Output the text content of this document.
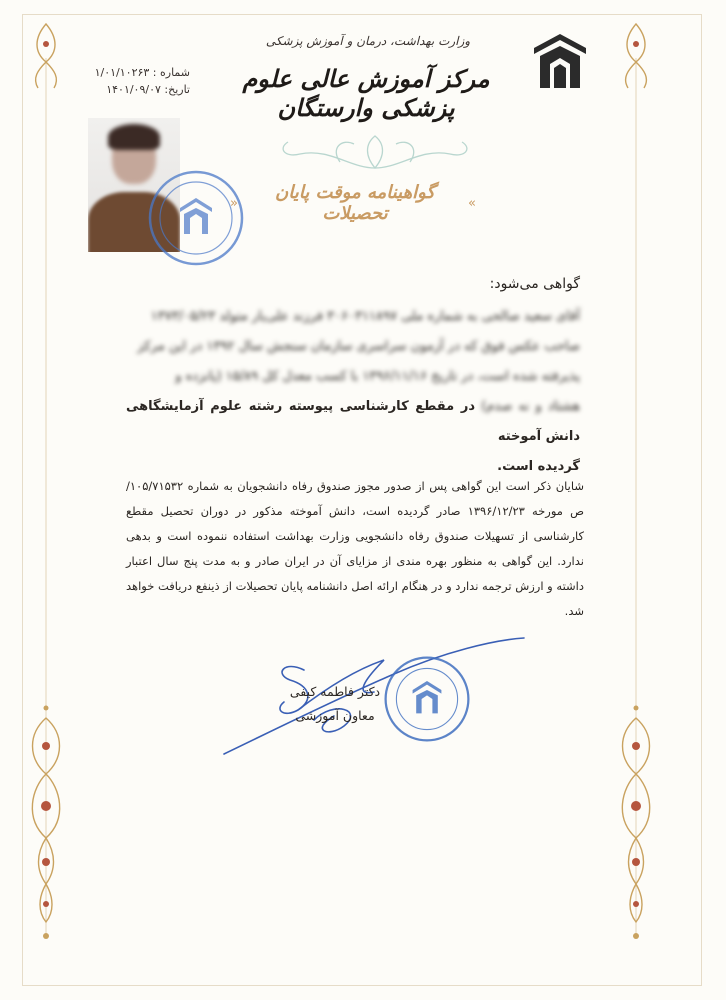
وزارت بهداشت، درمان و آموزش پزشکی
مرکز آموزش عالی علوم پزشکی وارستگان
شماره : ۱/۰۱/۱۰۲۶۳
تاریخ: ۱۴۰۱/۰۹/۰۷
«
گواهینامه موقت پایان تحصیلات
»
گواهی می‌شود:
آقای سعید صالحی به شماره ملی ۳۰۶۰۳۱۱۸۹۷ فرزند علی‌یار متولد ۱۳۷۳/۰۵/۲۳
صاحب عکس فوق که در آزمون سراسری سازمان سنجش سال ۱۳۹۲ در این مرکز
پذیرفته شده است، در تاریخ ۱۳۹۶/۱۱/۱۶ با کسب معدل کل ۱۵/۸۹ (پانزده و
هشتاد و نه صدم) در مقطع کارشناسی پیوسته رشته علوم آزمایشگاهی دانش آموخته
گردیده است.
شایان ذکر است این گواهی پس از صدور مجوز صندوق رفاه دانشجویان به شماره ۱۰۵/۷۱۵۳۲/ص مورخه ۱۳۹۶/۱۲/۲۳ صادر گردیده است، دانش آموخته مذکور در دوران تحصیل مقطع کارشناسی از تسهیلات صندوق رفاه دانشجویی وزارت بهداشت استفاده ننموده است و بدهی ندارد. این گواهی به منظور بهره مندی از مزایای آن در ایران صادر و به مدت پنج سال اعتبار داشته و ارزش ترجمه ندارد و در هنگام ارائه اصل دانشنامه پایان تحصیلات از ذینفع دریافت خواهد شد.
دکتر فاطمه کیفی
معاون آموزشی
